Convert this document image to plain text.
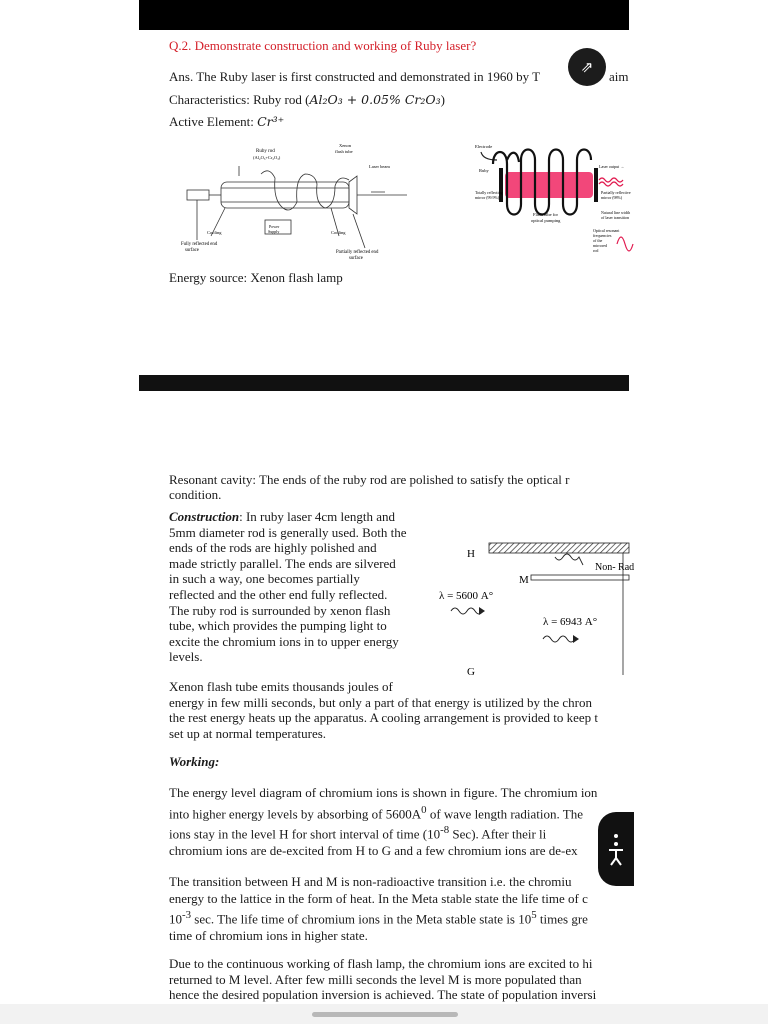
Q.2. Demonstrate construction and working of Ruby laser?
Ans. The Ruby laser is first constructed and demonstrated in 1960 by T	aim
Characteristics: Ruby rod (Al₂O₃ + 0.05% Cr₂O₃)
Active Element: Cr³⁺
Ruby rod
(Al₂O₃+Cr₂O₃)
Xenon
flash tube
Laser beam
Cooling	Cooling
Power
Supply
Fully reflected end
surface	Partially reflected end
surface
Electrode
Ruby
Totally reflecting
mirror (99.9%)
Flash tube for
optical pumping
Laser output →
Partially reflective
mirror (98%)
Natural line width
of laser transition
Optical resonant
frequencies
of the
mirrored
rod
Energy source: Xenon flash lamp
⇗
Resonant cavity: The ends of the ruby rod are polished to satisfy the optical r
condition.
Construction: In ruby laser 4cm length and
5mm diameter rod is generally used. Both the
ends of the rods are highly polished and
made strictly parallel. The ends are silvered
in such a way, one becomes partially
reflected and the other end fully reflected.
The ruby rod is surrounded by xenon flash
tube, which provides the pumping light to
excite the chromium ions in to upper energy
levels.
H
M
G
Non- Rad
λ = 5600 A°
λ = 6943 A°
Xenon flash tube emits thousands joules of
energy in few milli seconds, but only a part of that energy is utilized by the chron
the rest energy heats up the apparatus. A cooling arrangement is provided to keep t
set up at normal temperatures.
Working:
The energy level diagram of chromium ions is shown in figure. The chromium ion
into higher energy levels by absorbing of $5600A^0$ of wave length radiation. The
ions stay in the level H for short interval of time ($10^{-8}$ Sec). After their li
chromium ions are de-excited from H to G and a few chromium ions are de-ex
The transition between H and M is non-radioactive transition i.e. the chromiu
energy to the lattice in the form of heat. In the Meta stable state the life time of c
$10^{-3}$ sec. The life time of chromium ions in the Meta stable state is $10^5$ times gre
time of chromium ions in higher state.
Due to the continuous working of flash lamp, the chromium ions are excited to hi
returned to M level. After few milli seconds the level M is more populated than
hence the desired population inversion is achieved. The state of population inversi
